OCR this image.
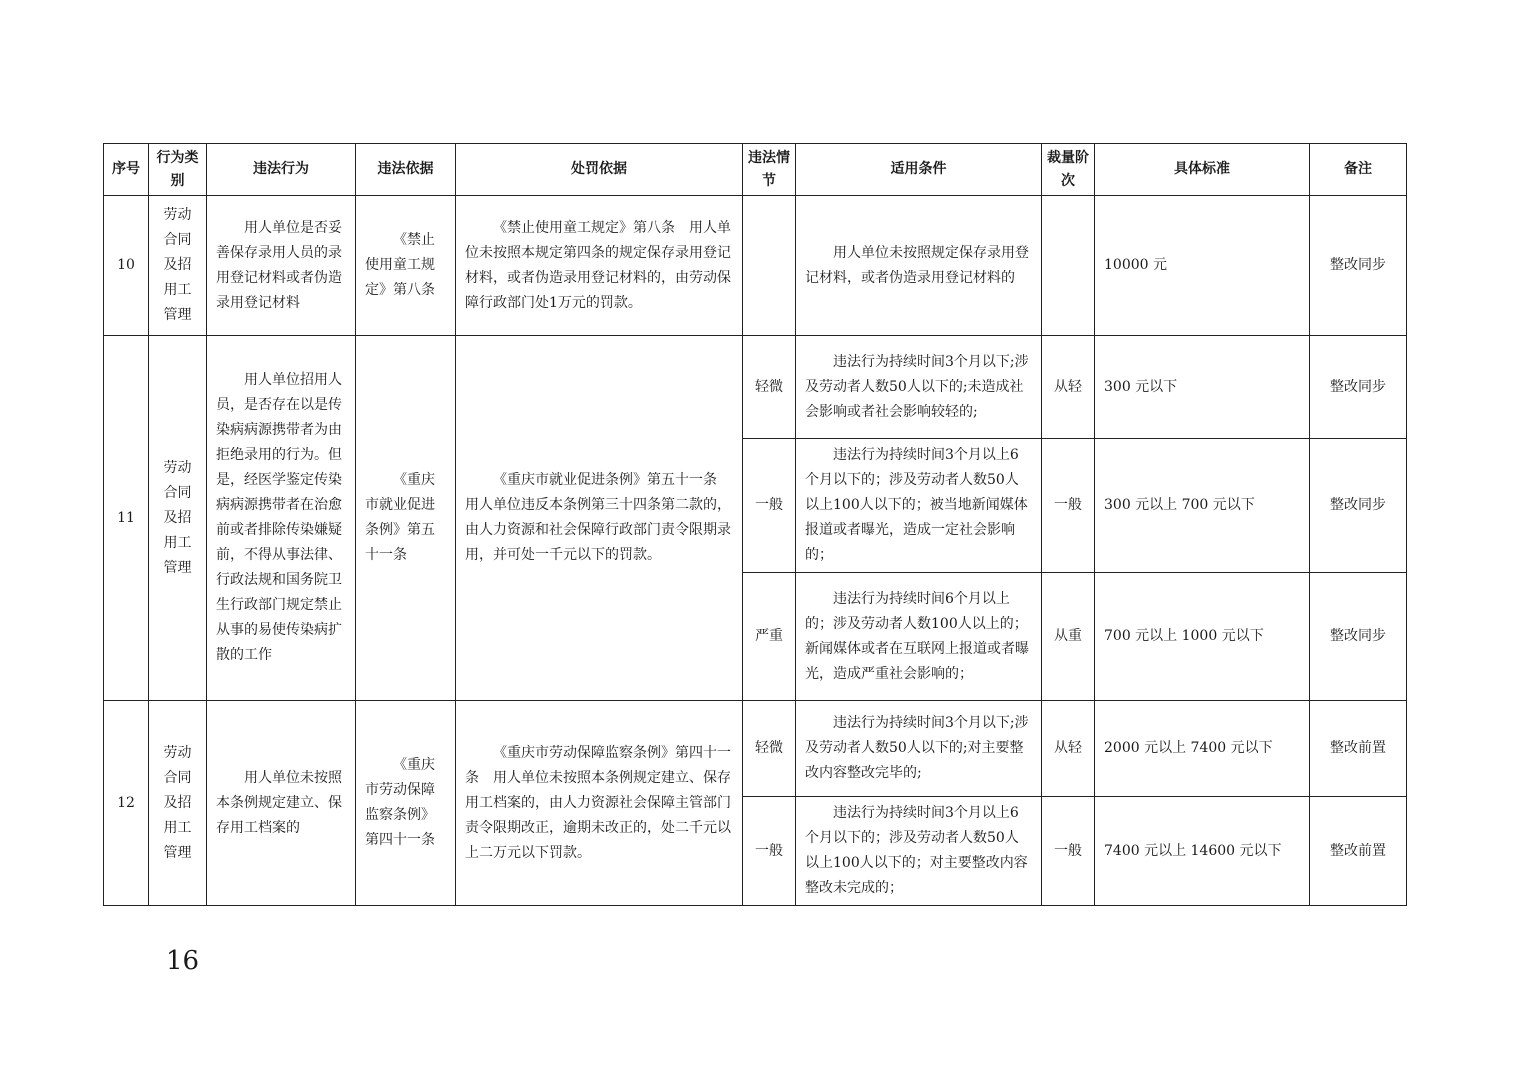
序号	行为类别	违法行为	违法依据	处罚依据	违法情节	适用条件	裁量阶次	具体标准	备注
10	劳动合同及招用工管理	用人单位是否妥善保存录用人员的录用登记材料或者伪造录用登记材料	《禁止使用童工规定》第八条	《禁止使用童工规定》第八条　用人单位未按照本规定第四条的规定保存录用登记材料，或者伪造录用登记材料的，由劳动保障行政部门处1万元的罚款。		用人单位未按照规定保存录用登记材料，或者伪造录用登记材料的		10000 元	整改同步
11	劳动合同及招用工管理	用人单位招用人员，是否存在以是传染病病源携带者为由拒绝录用的行为。但是，经医学鉴定传染病病源携带者在治愈前或者排除传染嫌疑前，不得从事法律、行政法规和国务院卫生行政部门规定禁止从事的易使传染病扩散的工作	《重庆市就业促进条例》第五十一条	《重庆市就业促进条例》第五十一条　用人单位违反本条例第三十四条第二款的，由人力资源和社会保障行政部门责令限期录用，并可处一千元以下的罚款。	轻微	违法行为持续时间3个月以下;涉及劳动者人数50人以下的;未造成社会影响或者社会影响较轻的;	从轻	300 元以下	整改同步
					一般	违法行为持续时间3个月以上6个月以下的；涉及劳动者人数50人以上100人以下的；被当地新闻媒体报道或者曝光，造成一定社会影响的；	一般	300 元以上 700 元以下	整改同步
					严重	违法行为持续时间6个月以上的；涉及劳动者人数100人以上的；新闻媒体或者在互联网上报道或者曝光，造成严重社会影响的；	从重	700 元以上 1000 元以下	整改同步
12	劳动合同及招用工管理	用人单位未按照本条例规定建立、保存用工档案的	《重庆市劳动保障监察条例》第四十一条	《重庆市劳动保障监察条例》第四十一条　用人单位未按照本条例规定建立、保存用工档案的，由人力资源社会保障主管部门责令限期改正，逾期未改正的，处二千元以上二万元以下罚款。	轻微	违法行为持续时间3个月以下;涉及劳动者人数50人以下的;对主要整改内容整改完毕的;	从轻	2000 元以上 7400 元以下	整改前置
					一般	违法行为持续时间3个月以上6个月以下的；涉及劳动者人数50人以上100人以下的；对主要整改内容整改未完成的；	一般	7400 元以上 14600 元以下	整改前置
16
